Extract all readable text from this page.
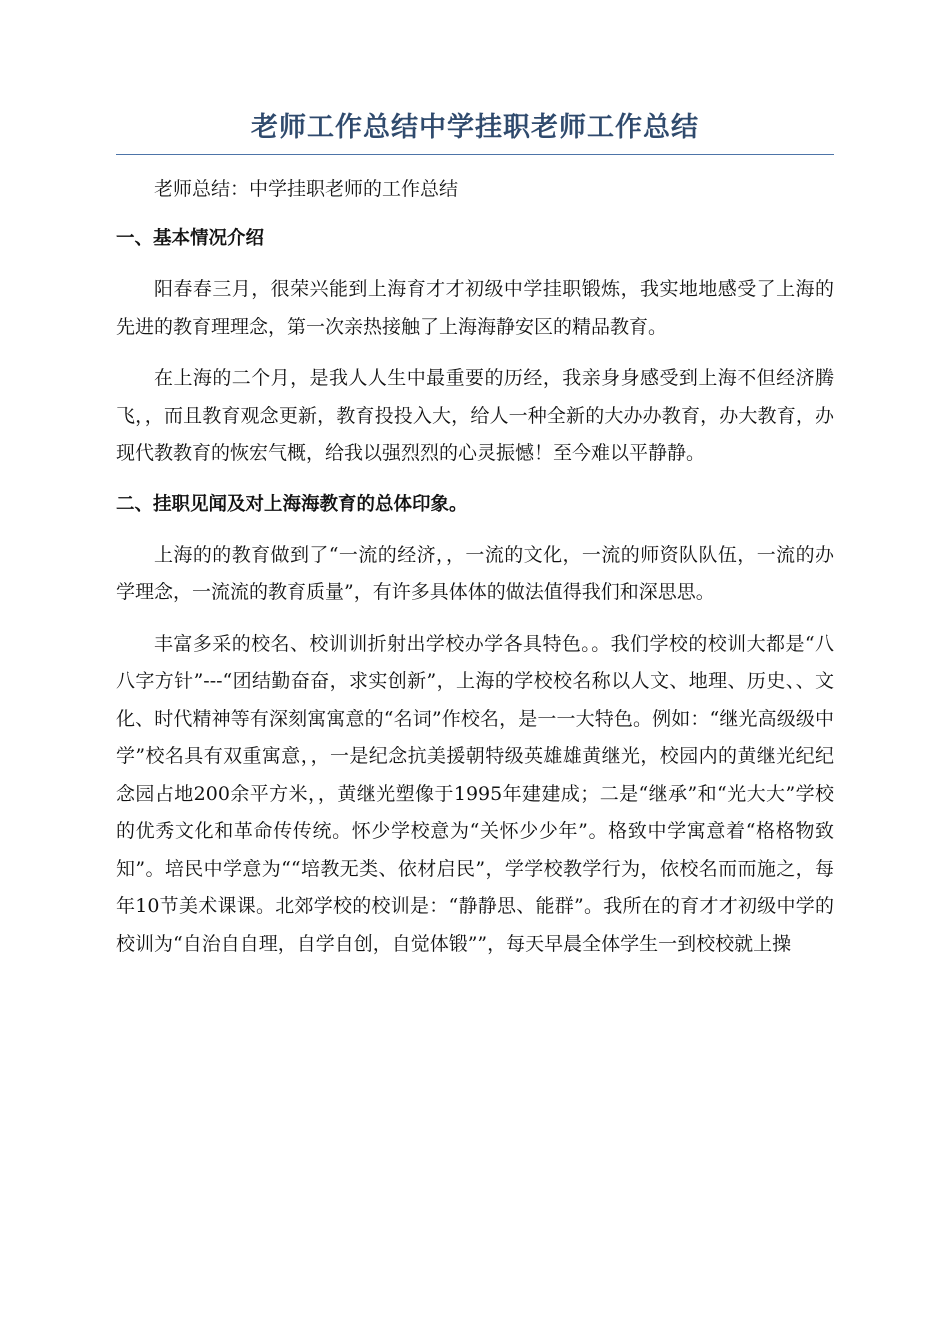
老师工作总结中学挂职老师工作总结

老师总结：中学挂职老师的工作总结

一、基本情况介绍

阳春春三月，很荣兴能到上海育才才初级中学挂职锻炼，我实地地感受了上海的先进的教育理理念，第一次亲热接触了上海海静安区的精品教育。

在上海的二个月，是我人人生中最重要的历经，我亲身身感受到上海不但经济腾飞，，而且教育观念更新，教育投投入大，给人一种全新的大办办教育，办大教育，办现代教教育的恢宏气概，给我以强烈烈的心灵振憾！至今难以平静静。

二、挂职见闻及对上海海教育的总体印象。

上海的的教育做到了“一流的经济，，一流的文化，一流的师资队队伍，一流的办学理念，一流流的教育质量”，有许多具体体的做法值得我们和深思思。

丰富多采的校名、校训训折射出学校办学各具特色。。我们学校的校训大都是“八八字方针”---“团结勤奋奋，求实创新”，上海的学校校名称以人文、地理、历史、、文化、时代精神等有深刻寓寓意的“名词”作校名，是一一大特色。例如：“继光高级级中学”校名具有双重寓意，，一是纪念抗美援朝特级英雄雄黄继光，校园内的黄继光纪纪念园占地200余平方米，，黄继光塑像于1995年建建成；二是“继承”和“光大大”学校的优秀文化和革命传传统。怀少学校意为“关怀少少年”。格致中学寓意着“格格物致知”。培民中学意为““培教无类、依材启民”，学学校教学行为，依校名而而施之，每年10节美术课课。北郊学校的校训是：“静静思、能群”。我所在的育才才初级中学的校训为“自治自自理，自学自创，自觉体锻””，每天早晨全体学生一到校校就上操
